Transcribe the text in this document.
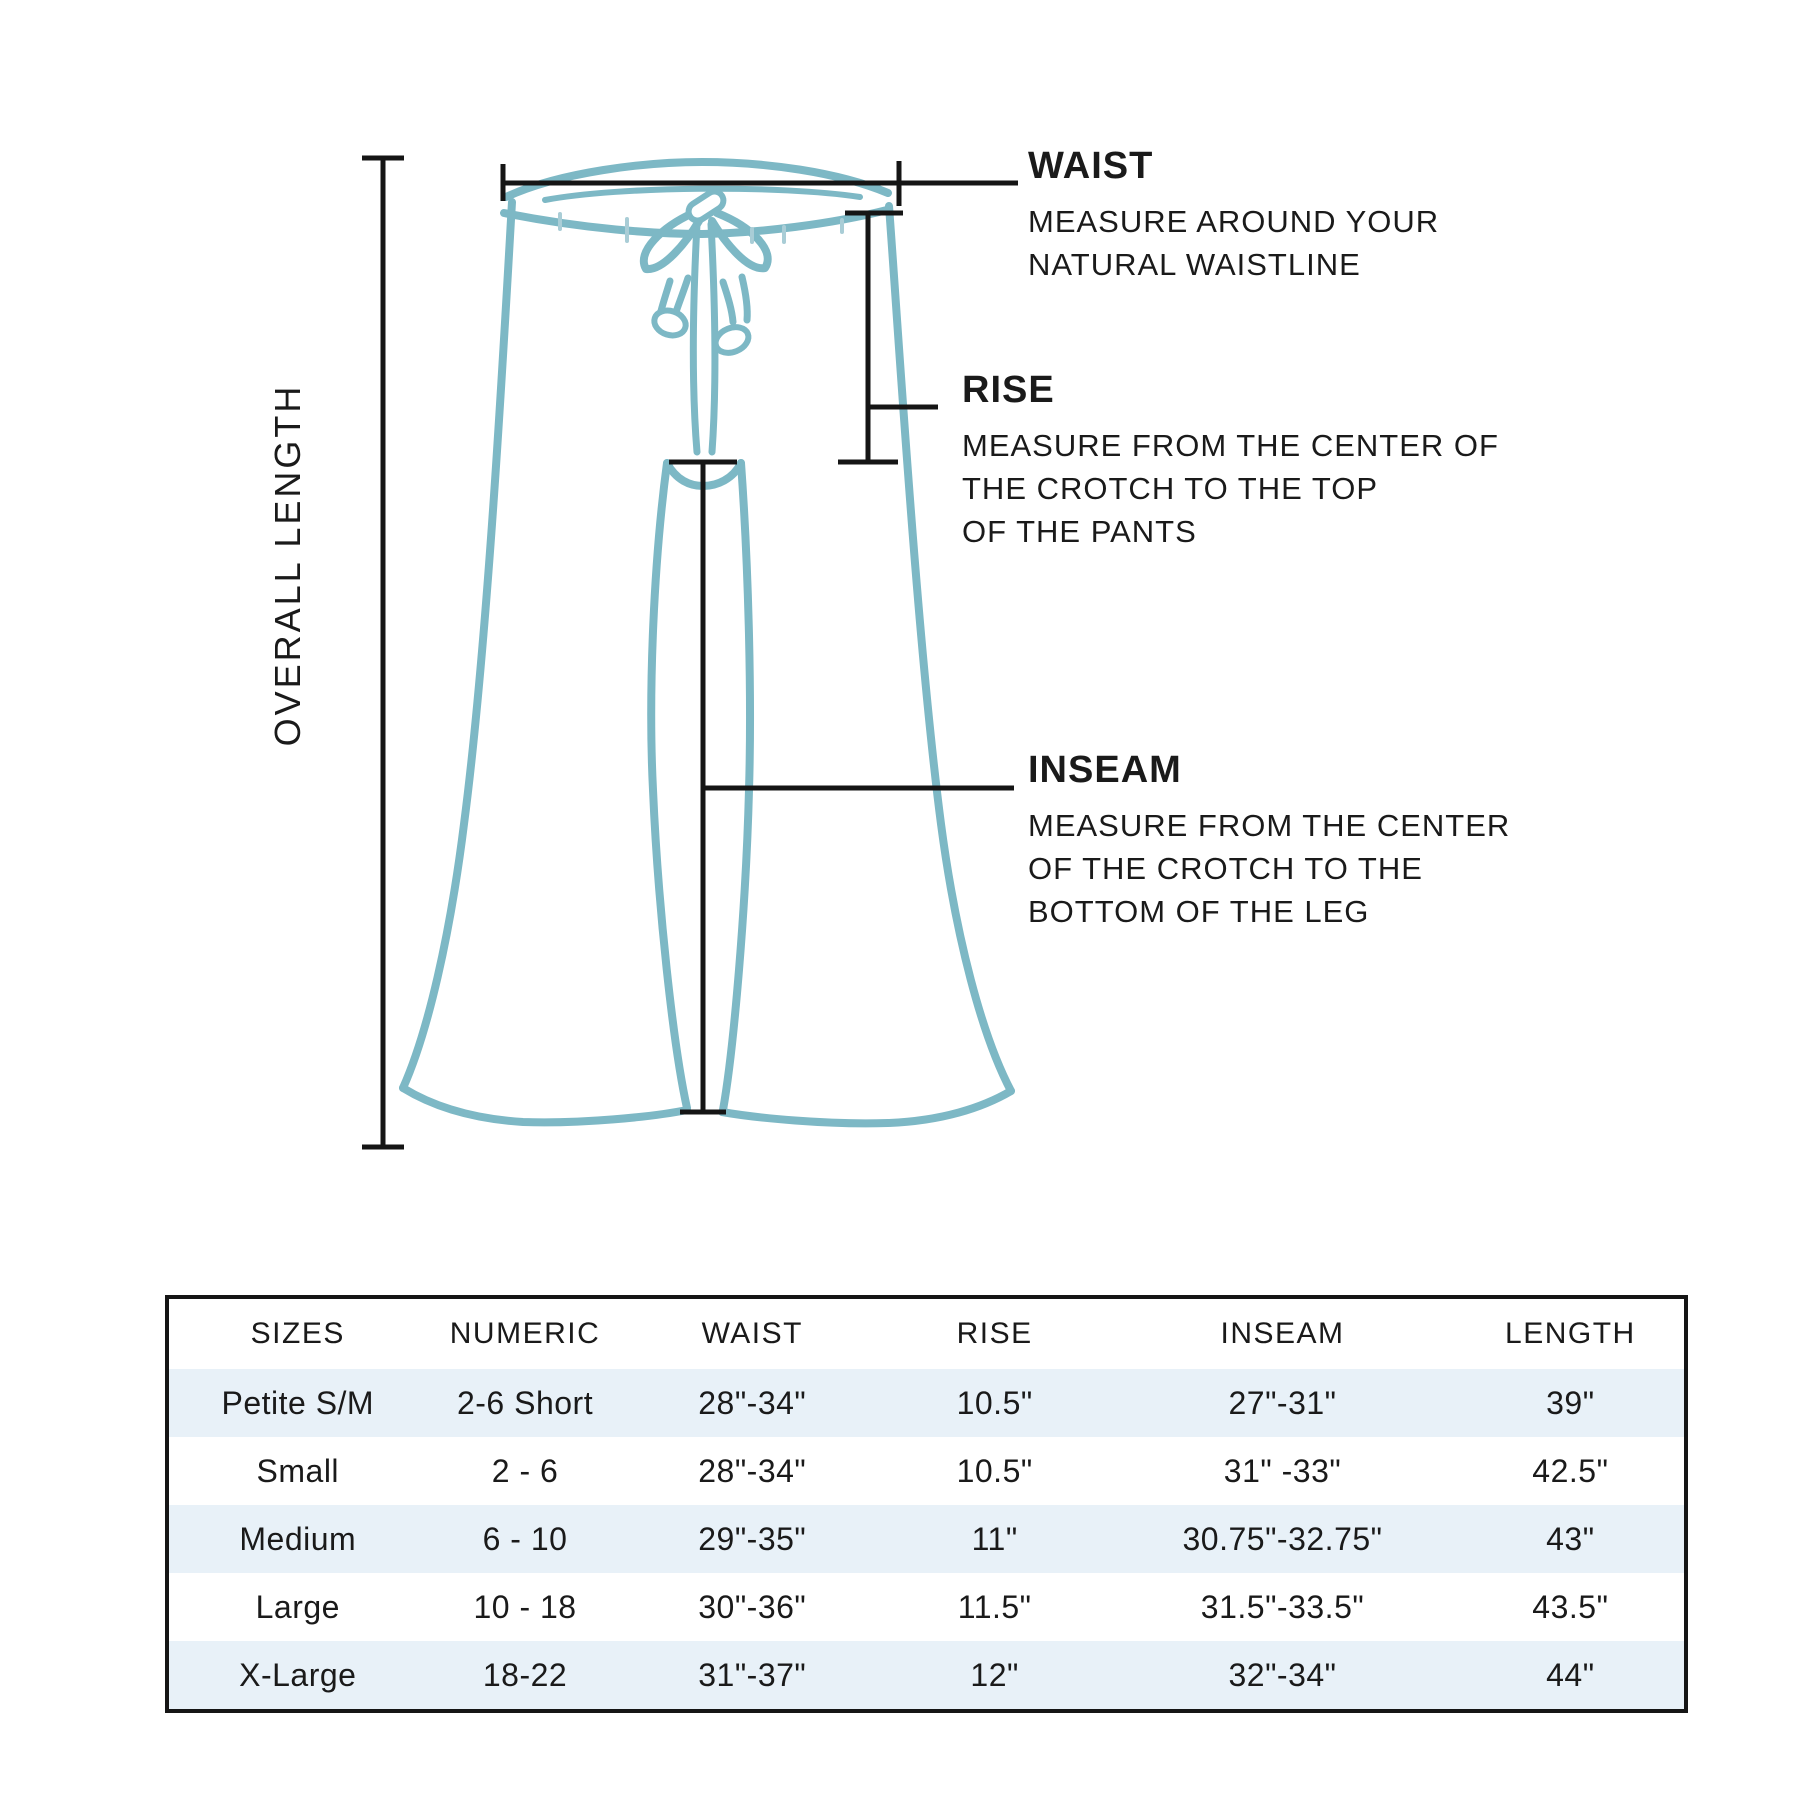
OVERALL LENGTH
WAIST
MEASURE AROUND YOUR
NATURAL WAISTLINE
RISE
MEASURE FROM THE CENTER OF
THE CROTCH TO THE TOP
OF THE PANTS
INSEAM
MEASURE FROM THE CENTER
OF THE CROTCH TO THE
BOTTOM OF THE LEG
SIZES	NUMERIC	WAIST	RISE	INSEAM	LENGTH
Petite S/M	2-6 Short	28"-34"	10.5"	27"-31"	39"
Small	2 - 6	28"-34"	10.5"	31" -33"	42.5"
Medium	6 - 10	29"-35"	11"	30.75"-32.75"	43"
Large	10 - 18	30"-36"	11.5"	31.5"-33.5"	43.5"
X-Large	18-22	31"-37"	12"	32"-34"	44"
